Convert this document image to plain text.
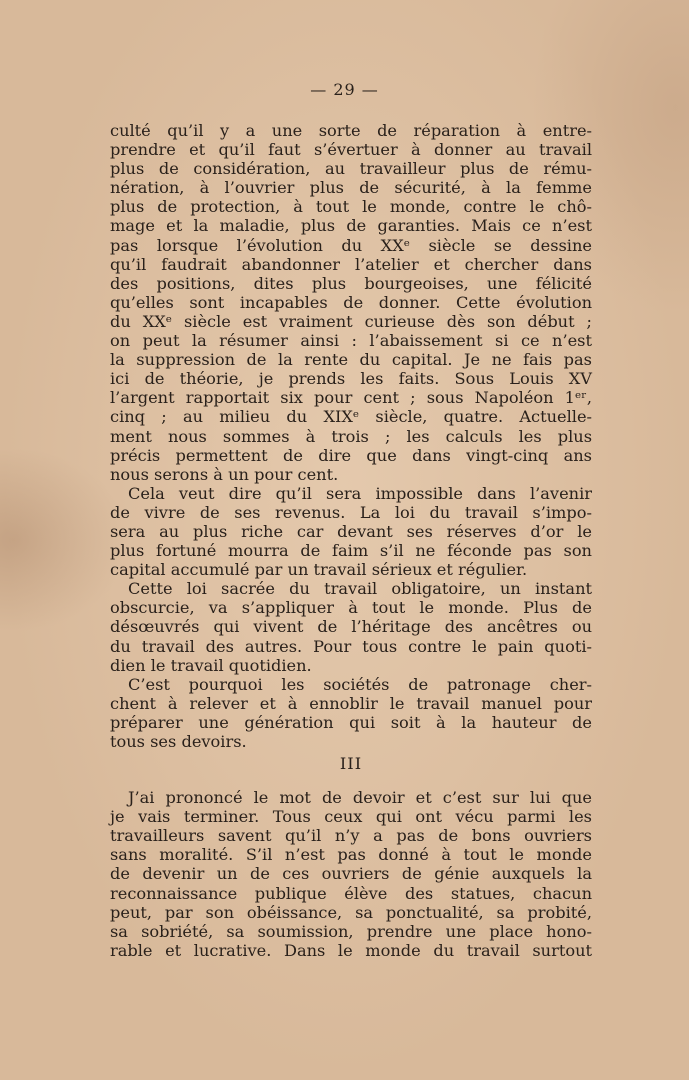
— 29 —
culté qu’il y a une sorte de réparation à entre-
prendre et qu’il faut s’évertuer à donner au travail
plus de considération, au travailleur plus de rému-
nération, à l’ouvrier plus de sécurité, à la femme
plus de protection, à tout le monde, contre le chô-
mage et la maladie, plus de garanties. Mais ce n’est
pas lorsque l’évolution du XXᵉ siècle se dessine
qu’il faudrait abandonner l’atelier et chercher dans
des positions, dites plus bourgeoises, une félicité
qu’elles sont incapables de donner. Cette évolution
du XXᵉ siècle est vraiment curieuse dès son début ;
on peut la résumer ainsi : l’abaissement si ce n’est
la suppression de la rente du capital. Je ne fais pas
ici de théorie, je prends les faits. Sous Louis XV
l’argent rapportait six pour cent ; sous Napoléon 1ᵉʳ,
cinq ; au milieu du XIXᵉ siècle, quatre. Actuelle-
ment nous sommes à trois ; les calculs les plus
précis permettent de dire que dans vingt-cinq ans
nous serons à un pour cent.
Cela veut dire qu’il sera impossible dans l’avenir
de vivre de ses revenus. La loi du travail s’impo-
sera au plus riche car devant ses réserves d’or le
plus fortuné mourra de faim s’il ne féconde pas son
capital accumulé par un travail sérieux et régulier.
Cette loi sacrée du travail obligatoire, un instant
obscurcie, va s’appliquer à tout le monde. Plus de
désœuvrés qui vivent de l’héritage des ancêtres ou
du travail des autres. Pour tous contre le pain quoti-
dien le travail quotidien.
C’est pourquoi les sociétés de patronage cher-
chent à relever et à ennoblir le travail manuel pour
préparer une génération qui soit à la hauteur de
tous ses devoirs.
III
J’ai prononcé le mot de devoir et c’est sur lui que
je vais terminer. Tous ceux qui ont vécu parmi les
travailleurs savent qu’il n’y a pas de bons ouvriers
sans moralité. S’il n’est pas donné à tout le monde
de devenir un de ces ouvriers de génie auxquels la
reconnaissance publique élève des statues, chacun
peut, par son obéissance, sa ponctualité, sa probité,
sa sobriété, sa soumission, prendre une place hono-
rable et lucrative. Dans le monde du travail surtout
